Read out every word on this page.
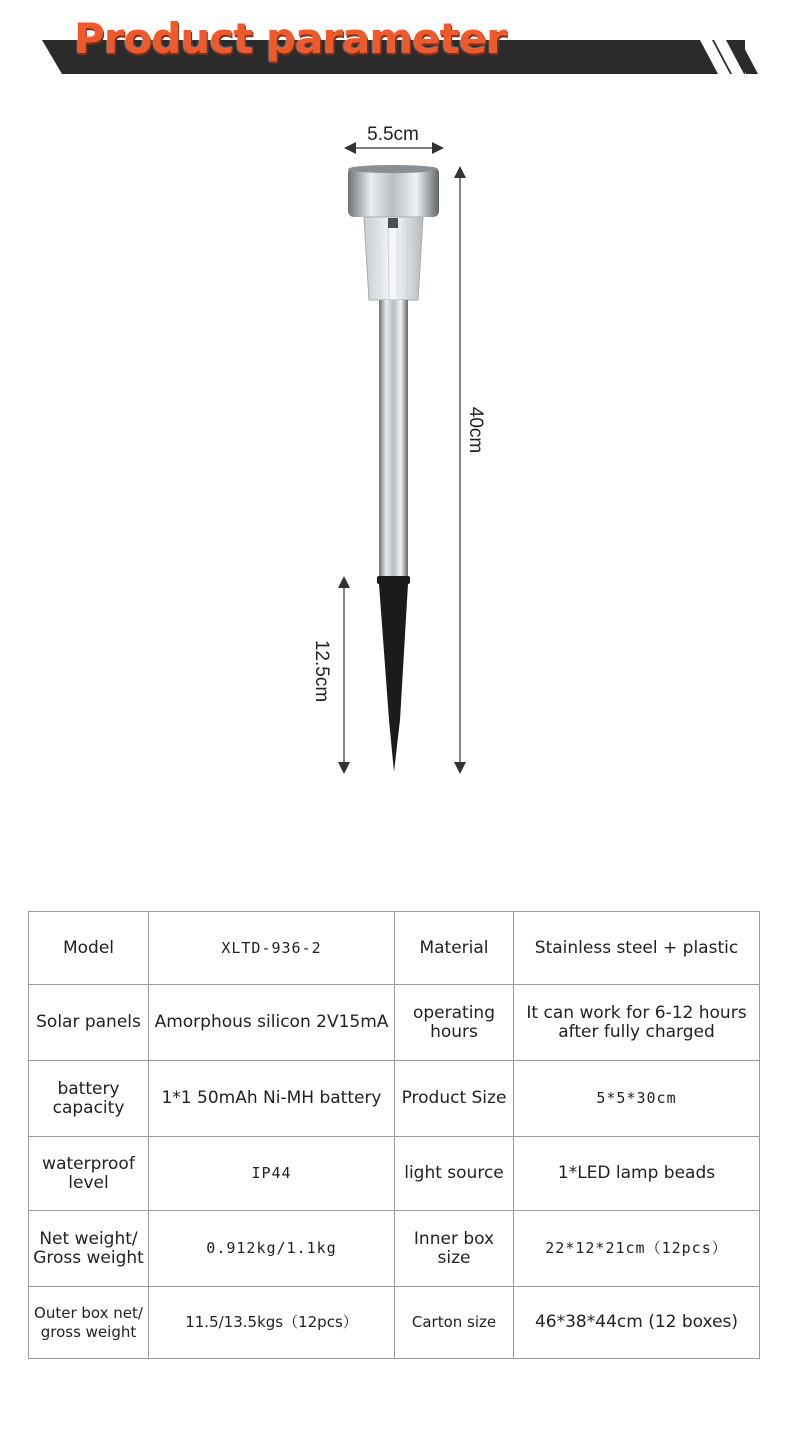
Product parameter
5.5cm
40cm
12.5cm
Model	XLTD-936-2	Material	Stainless steel + plastic
Solar panels	Amorphous silicon 2V15mA	operating hours	It can work for 6-12 hours after fully charged
battery capacity	1*1 50mAh Ni-MH battery	Product Size	5*5*30cm
waterproof level	IP44	light source	1*LED lamp beads
Net weight/ Gross weight	0.912kg/1.1kg	Inner box size	22*12*21cm（12pcs）
Outer box net/ gross weight	11.5/13.5kgs（12pcs）	Carton size	46*38*44cm (12 boxes)
